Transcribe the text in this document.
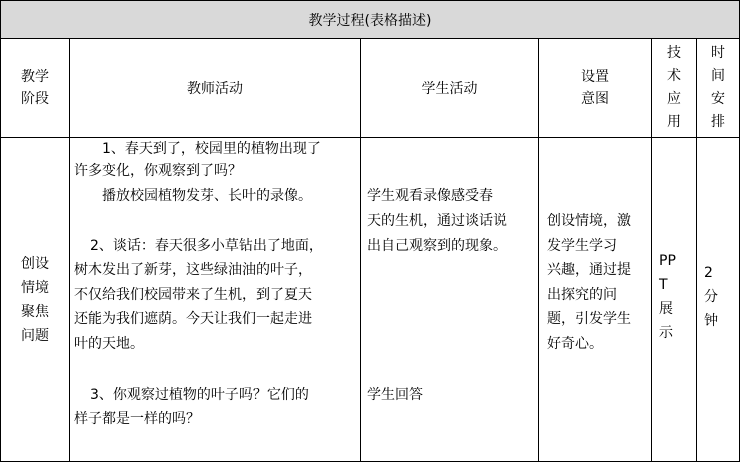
教学过程(表格描述)
教学
阶段
教师活动	学生活动
设置
意图
技
术
应
用
时
间
安
排
创设
情境
聚焦
问题
1、春天到了，校园里的植物出现了
许多变化，你观察到了吗？
播放校园植物发芽、长叶的录像。
2、谈话：春天很多小草钻出了地面，
树木发出了新芽，这些绿油油的叶子，
不仅给我们校园带来了生机，到了夏天
还能为我们遮荫。今天让我们一起走进
叶的天地。
3、你观察过植物的叶子吗？它们的
样子都是一样的吗？
学生观看录像感受春
天的生机，通过谈话说
出自己观察到的现象。
学生回答
创设情境，激
发学生学习
兴趣，通过提
出探究的问
题，引发学生
好奇心。
PP
T
展
示
2
分
钟
